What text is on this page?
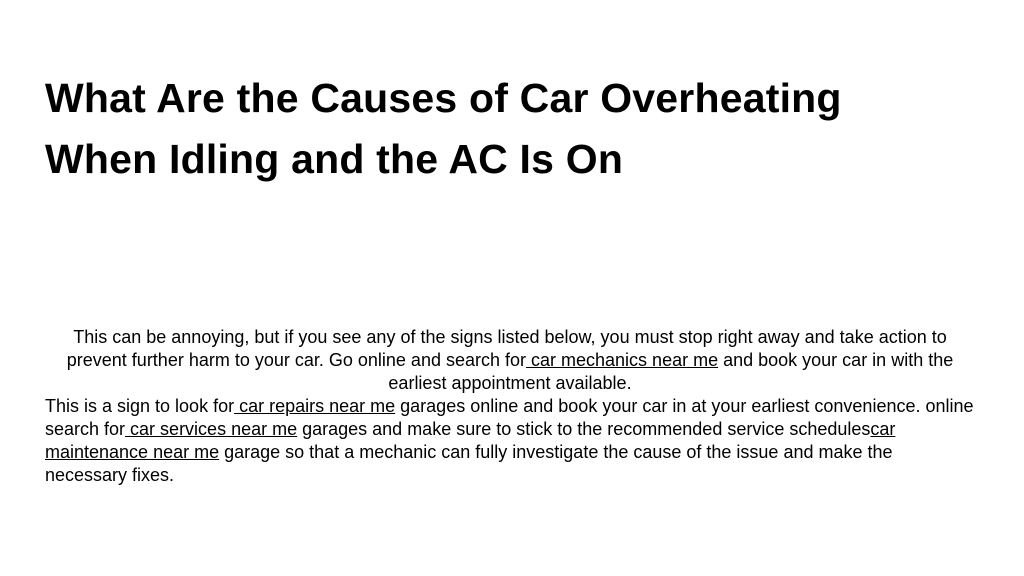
What Are the Causes of Car Overheating
When Idling and the AC Is On

This can be annoying, but if you see any of the signs listed below, you must stop right away and take action to prevent further harm to your car. Go online and search for car mechanics near me and book your car in with the earliest appointment available.

This is a sign to look for car repairs near me garages online and book your car in at your earliest convenience. online search for car services near me garages and make sure to stick to the recommended service schedulescar maintenance near me garage so that a mechanic can fully investigate the cause of the issue and make the necessary fixes.
